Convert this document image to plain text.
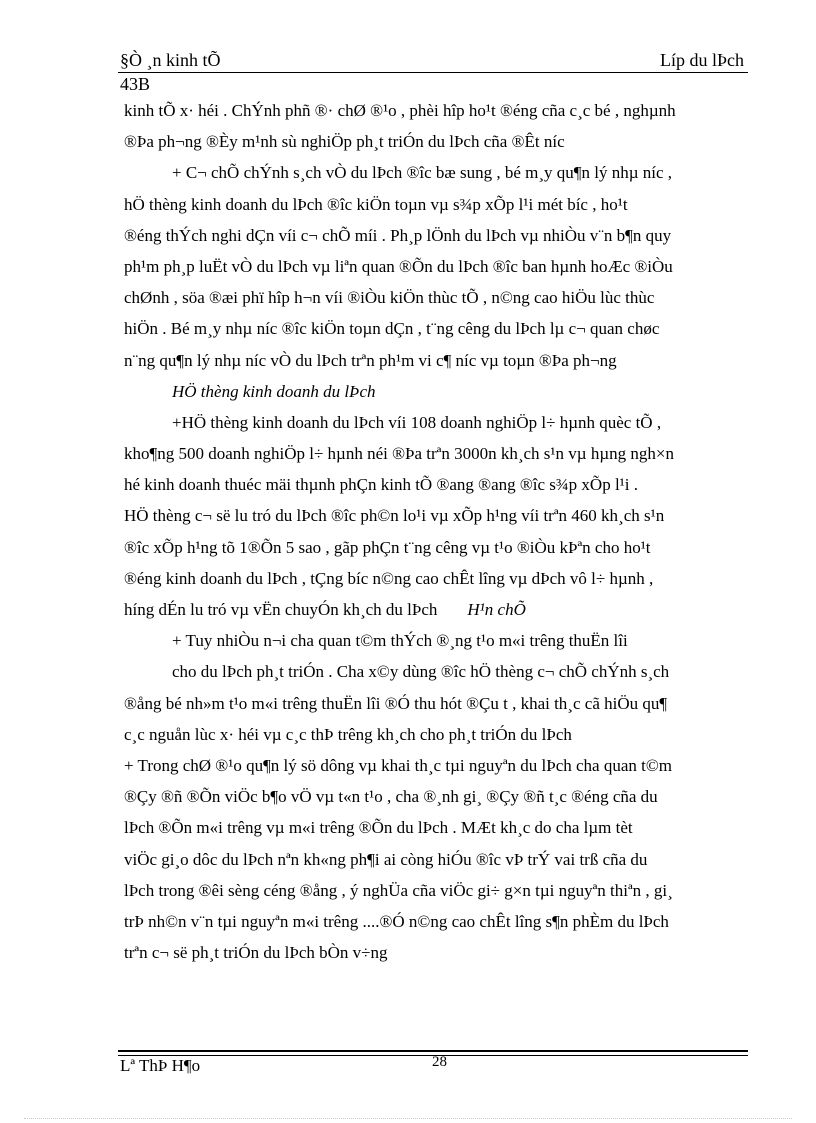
§Ò ¸n kinh tÕ	Líp du lÞch
43B
kinh tÕ x· héi . ChÝnh phñ ®· chØ ®¹o , phèi hîp ho¹t ®éng cña c¸c bé , nghµnh
®Þa ph¬ng ®Èy m¹nh sù nghiÖp ph¸t triÓn du lÞch cña ®Êt níc
+ C¬ chÕ chÝnh s¸ch vÒ du lÞch ®îc bæ sung , bé m¸y qu¶n lý nhµ níc ,
hÖ thèng kinh doanh du lÞch ®îc kiÖn toµn vµ s¾p xÕp l¹i mét bíc , ho¹t
®éng thÝch nghi dÇn víi c¬ chÕ míi . Ph¸p lÖnh du lÞch vµ nhiÒu v¨n b¶n quy
ph¹m ph¸p luËt vÒ du lÞch vµ liªn quan ®Õn du lÞch ®îc ban hµnh hoÆc ®iÒu
chØnh , söa ®æi phï hîp h¬n víi ®iÒu kiÖn thùc tÕ , n©ng cao hiÖu lùc thùc
hiÖn . Bé m¸y nhµ níc ®îc kiÖn toµn dÇn , t¨ng cêng du lÞch lµ c¬ quan chøc
n¨ng qu¶n lý nhµ níc vÒ du lÞch trªn ph¹m vi c¶ níc vµ toµn ®Þa ph¬ng
HÖ thèng kinh doanh du lÞch
+HÖ thèng kinh doanh du lÞch víi 108 doanh nghiÖp l÷ hµnh quèc tÕ ,
kho¶ng 500 doanh nghiÖp l÷ hµnh néi ®Þa trªn 3000n kh¸ch s¹n vµ hµng ngh×n
hé kinh doanh thuéc mäi thµnh phÇn kinh tÕ ®ang ®ang ®îc s¾p xÕp l¹i .
HÖ thèng c¬ së lu tró du lÞch ®îc ph©n lo¹i vµ xÕp h¹ng víi trªn 460 kh¸ch s¹n
®îc xÕp h¹ng tõ 1®Õn 5 sao , gãp phÇn t¨ng cêng vµ t¹o ®iÒu kÞªn cho ho¹t
®éng kinh doanh du lÞch , tÇng bíc n©ng cao chÊt lîng vµ dÞch vô l÷ hµnh ,
híng dÉn lu tró vµ vËn chuyÓn kh¸ch du lÞch H¹n chÕ
+ Tuy nhiÒu n¬i cha quan t©m thÝch ®¸ng t¹o m«i trêng thuËn lîi
cho du lÞch ph¸t triÓn . Cha x©y dùng ®îc hÖ thèng c¬ chÕ chÝnh s¸ch
®ång bé nh»m t¹o m«i trêng thuËn lîi ®Ó thu hót ®Çu t , khai th¸c cã hiÖu qu¶
c¸c nguån lùc x· héi vµ c¸c thÞ trêng kh¸ch cho ph¸t triÓn du lÞch
+ Trong chØ ®¹o qu¶n lý sö dông vµ khai th¸c tµi nguyªn du lÞch cha quan t©m
®Çy ®ñ ®Õn viÖc b¶o vÖ vµ t«n t¹o , cha ®¸nh gi¸ ®Çy ®ñ t¸c ®éng cña du
lÞch ®Õn m«i trêng vµ m«i trêng ®Õn du lÞch . MÆt kh¸c do cha lµm tèt
viÖc gi¸o dôc du lÞch nªn kh«ng ph¶i ai còng hiÓu ®îc vÞ trÝ vai trß cña du
lÞch trong ®êi sèng céng ®ång , ý nghÜa cña viÖc gi÷ g×n tµi nguyªn thiªn , gi¸
trÞ nh©n v¨n tµi nguyªn m«i trêng ....®Ó n©ng cao chÊt lîng s¶n phÈm du lÞch
trªn c¬ së ph¸t triÓn du lÞch bÒn v÷ng
Lª ThÞ H¶o	28
